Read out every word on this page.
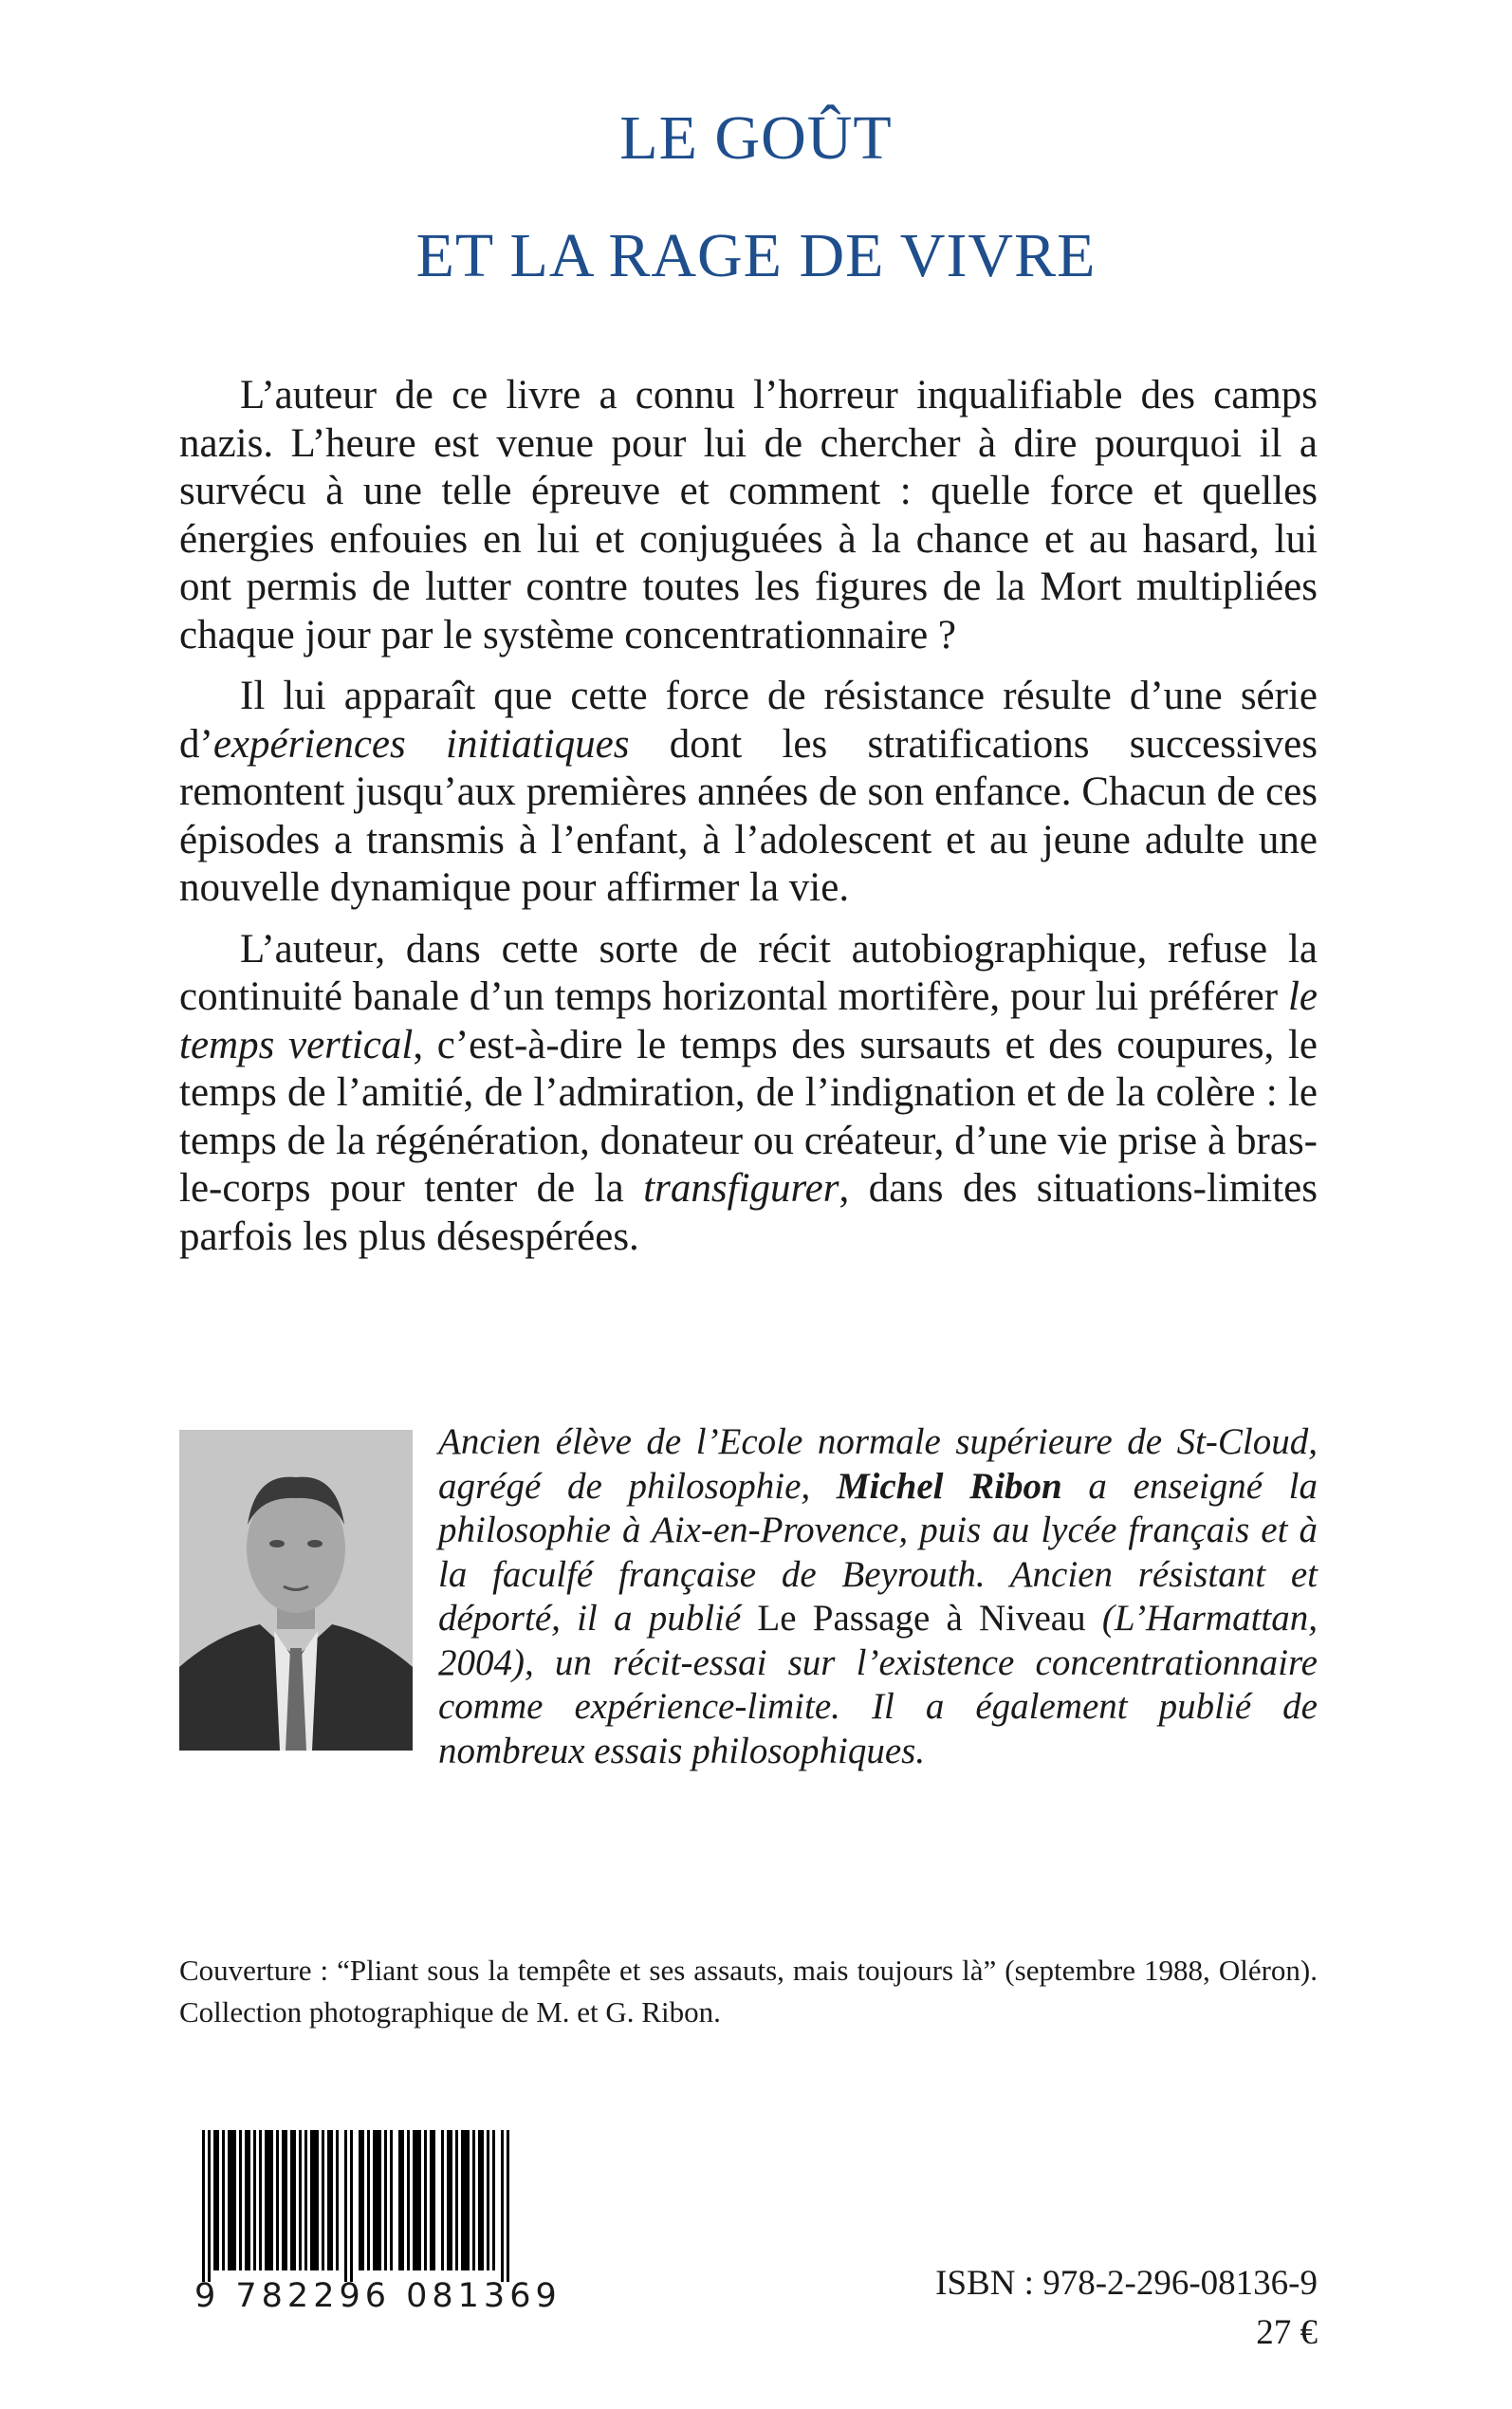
LE GOÛT
ET LA RAGE DE VIVRE

L’auteur de ce livre a connu l’horreur inqualifiable des camps nazis. L’heure est venue pour lui de chercher à dire pourquoi il a survécu à une telle épreuve et comment : quelle force et quelles énergies enfouies en lui et conjuguées à la chance et au hasard, lui ont permis de lutter contre toutes les figures de la Mort multipliées chaque jour par le système concentrationnaire ?

Il lui apparaît que cette force de résistance résulte d’une série d’expériences initiatiques dont les stratifications successives remontent jusqu’aux premières années de son enfance. Chacun de ces épisodes a transmis à l’enfant, à l’adolescent et au jeune adulte une nouvelle dynamique pour affirmer la vie.

L’auteur, dans cette sorte de récit autobiographique, refuse la continuité banale d’un temps horizontal mortifère, pour lui préférer le temps vertical, c’est-à-dire le temps des sursauts et des coupures, le temps de l’amitié, de l’admiration, de l’indignation et de la colère : le temps de la régénération, donateur ou créateur, d’une vie prise à bras-le-corps pour tenter de la transfigurer, dans des situations-limites parfois les plus désespérées.

Ancien élève de l’Ecole normale supérieure de St-Cloud, agrégé de philosophie, Michel Ribon a enseigné la philosophie à Aix-en-Provence, puis au lycée français et à la faculfé française de Beyrouth. Ancien résistant et déporté, il a publié Le Passage à Niveau (L’Harmattan, 2004), un récit-essai sur l’existence concentrationnaire comme expérience-limite. Il a également publié de nombreux essais philosophiques.
Couverture : “Pliant sous la tempête et ses assauts, mais toujours là” (septembre 1988, Oléron). Collection photographique de M. et G. Ribon.
9 782296 081369	ISBN : 978-2-296-08136-9
27 €
